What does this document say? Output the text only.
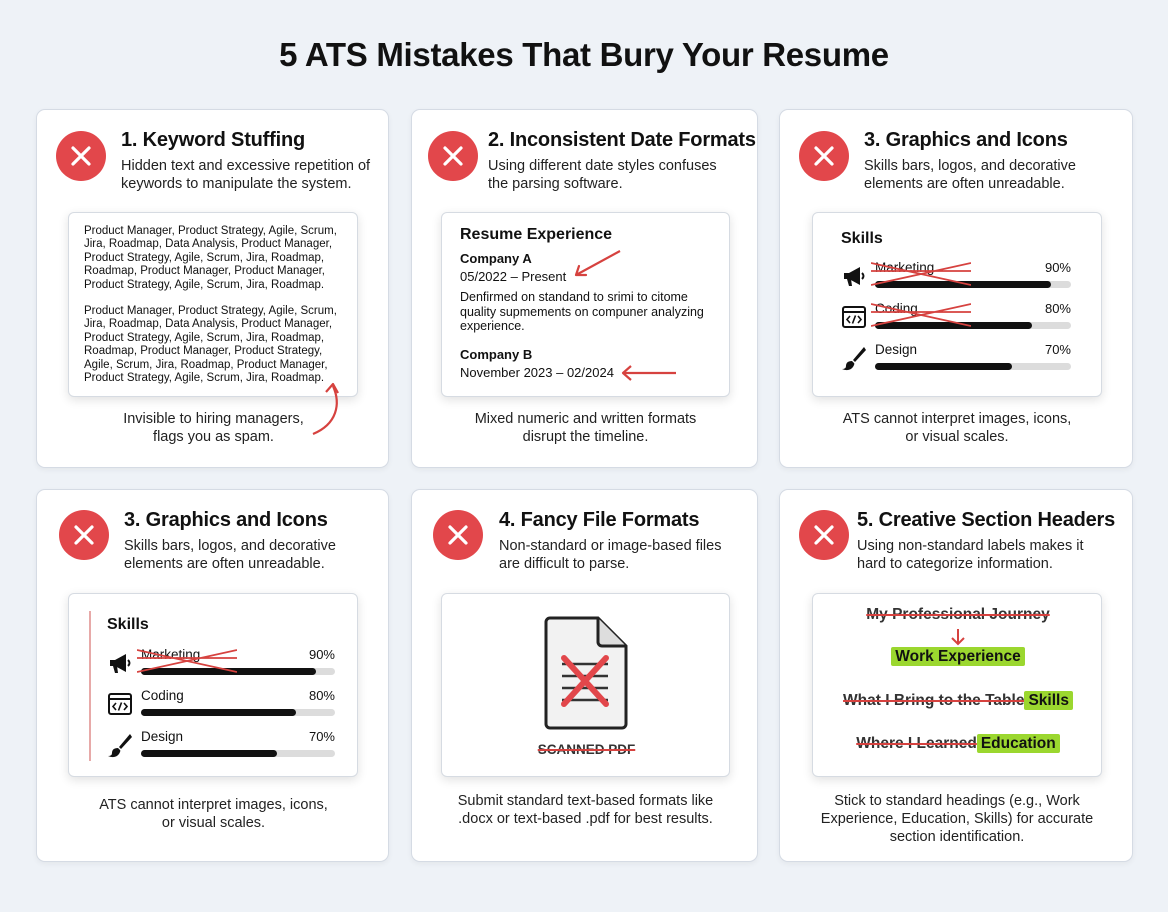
5 ATS Mistakes That Bury Your Resume
1. Keyword Stuffing
Hidden text and excessive repetition of
keywords to manipulate the system.
Product Manager, Product Strategy, Agile, Scrum,
Jira, Roadmap, Data Analysis, Product Manager,
Product Strategy, Agile, Scrum, Jira, Roadmap,
Roadmap, Product Manager, Product Manager,
Product Strategy, Agile, Scrum, Jira, Roadmap.
Product Manager, Product Strategy, Agile, Scrum,
Jira, Roadmap, Data Analysis, Product Manager,
Product Strategy, Agile, Scrum, Jira, Roadmap,
Roadmap, Product Manager, Product Strategy,
Agile, Scrum, Jira, Roadmap, Product Manager,
Product Strategy, Agile, Scrum, Jira, Roadmap.
Invisible to hiring managers,
flags you as spam.
2. Inconsistent Date Formats
Using different date styles confuses
the parsing software.
Resume Experience
Company A
05/2022 – Present
Denfirmed on standand to srimi to citome
quality supmements on compuner analyzing
experience.
Company B
November 2023 – 02/2024
Mixed numeric and written formats
disrupt the timeline.
3. Graphics and Icons
Skills bars, logos, and decorative
elements are often unreadable.
Skills
Marketing	90%
Coding	80%
Design	70%
ATS cannot interpret images, icons,
or visual scales.
3. Graphics and Icons
Skills bars, logos, and decorative
elements are often unreadable.
Skills
Marketing	90%
Coding	80%
Design	70%
ATS cannot interpret images, icons,
or visual scales.
4. Fancy File Formats
Non-standard or image-based files
are difficult to parse.
SCANNED PDF
Submit standard text-based formats like
.docx or text-based .pdf for best results.
5. Creative Section Headers
Using non-standard labels makes it
hard to categorize information.
My Professional Journey
Work Experience
What I Bring to the Table Skills
Where I Learned Education
Stick to standard headings (e.g., Work
Experience, Education, Skills) for accurate
section identification.
